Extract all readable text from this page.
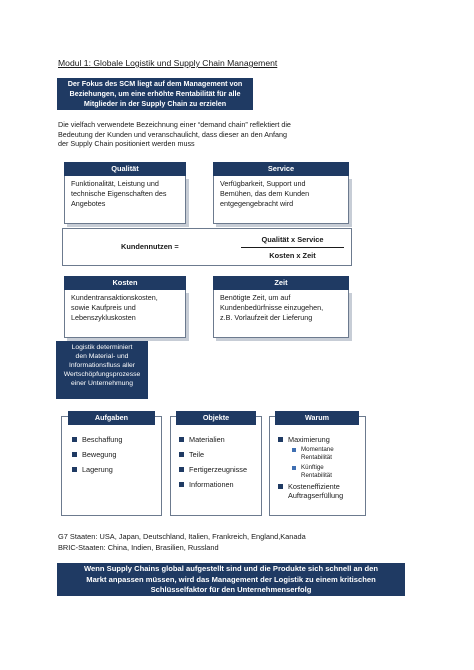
Modul 1: Globale Logistik und Supply Chain Management
Der Fokus des SCM liegt auf dem Management von
Beziehungen, um eine erhöhte Rentabilität für alle
Mitglieder in der Supply Chain zu erzielen
Die vielfach verwendete Bezeichnung einer “demand chain” reflektiert die
Bedeutung der Kunden und veranschaulicht, dass dieser an den Anfang
der Supply Chain positioniert werden muss
Qualität
Funktionalität, Leistung und
technische Eigenschaften des
Angebotes
Service
Verfügbarkeit, Support und
Bemühen, das dem Kunden
entgegengebracht wird
Kundennutzen =
Qualität x Service
Kosten x Zeit
Kosten
Kundentransaktionskosten,
sowie Kaufpreis und
Lebenszykluskosten
Zeit
Benötigte Zeit, um auf
Kundenbedürfnisse einzugehen,
z.B. Vorlaufzeit der Lieferung
Logistik determiniert
den Material- und
Informationsfluss aller
Wertschöpfungsprozesse
einer Unternehmung
Aufgaben
Beschaffung
Bewegung
Lagerung
Objekte
Materialien
Teile
Fertigerzeugnisse
Informationen
Warum
Maximierung
Momentane
Rentabilität
Künftige
Rentabilität
Kosteneffiziente
Auftragserfüllung
G7 Staaten: USA, Japan, Deutschland, Italien, Frankreich, England,Kanada
BRIC-Staaten: China, Indien, Brasilien, Russland
Wenn Supply Chains global aufgestellt sind und die Produkte sich schnell an den
Markt anpassen müssen, wird das Management der Logistik zu einem kritischen
Schlüsselfaktor für den Unternehmenserfolg
